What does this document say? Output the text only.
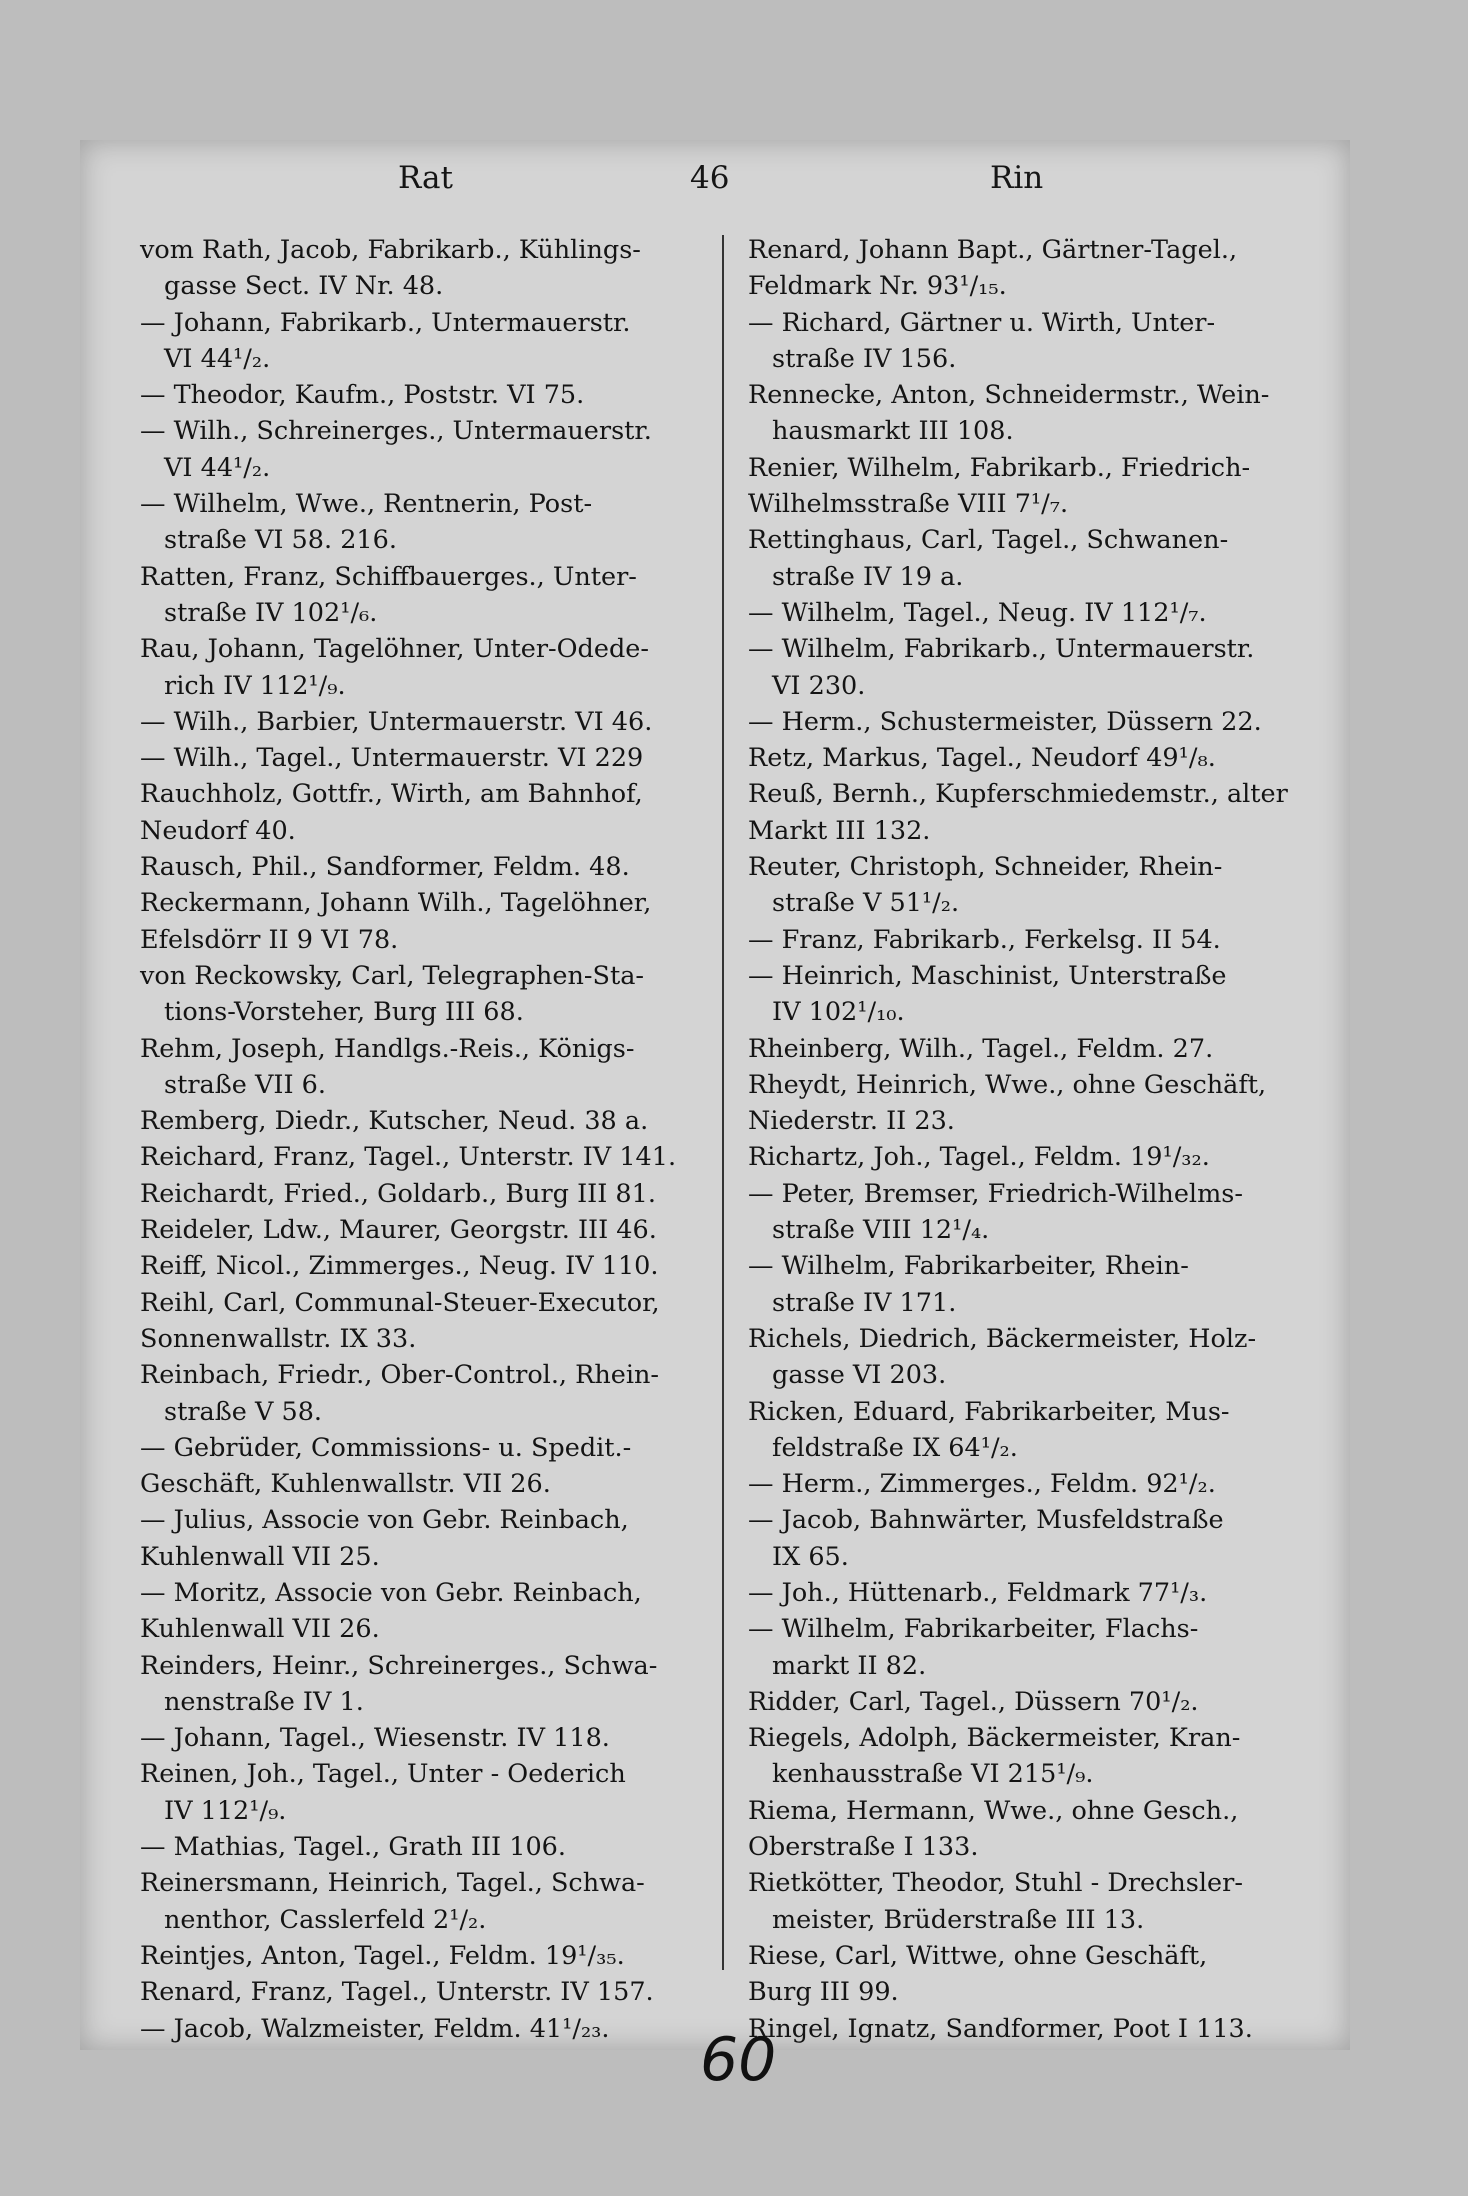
Rat	46	Rin
vom Rath, Jacob, Fabrikarb., Kühlings-
gasse Sect. IV Nr. 48.
— Johann, Fabrikarb., Untermauerstr.
VI 44¹/₂.
— Theodor, Kaufm., Poststr. VI 75.
— Wilh., Schreinerges., Untermauerstr.
VI 44¹/₂.
— Wilhelm, Wwe., Rentnerin, Post-
straße VI 58. 216.
Ratten, Franz, Schiffbauerges., Unter-
straße IV 102¹/₆.
Rau, Johann, Tagelöhner, Unter-Odede-
rich IV 112¹/₉.
— Wilh., Barbier, Untermauerstr. VI 46.
— Wilh., Tagel., Untermauerstr. VI 229
Rauchholz, Gottfr., Wirth, am Bahnhof,
Neudorf 40.
Rausch, Phil., Sandformer, Feldm. 48.
Reckermann, Johann Wilh., Tagelöhner,
Efelsdörr II 9 VI 78.
von Reckowsky, Carl, Telegraphen-Sta-
tions-Vorsteher, Burg III 68.
Rehm, Joseph, Handlgs.-Reis., Königs-
straße VII 6.
Remberg, Diedr., Kutscher, Neud. 38 a.
Reichard, Franz, Tagel., Unterstr. IV 141.
Reichardt, Fried., Goldarb., Burg III 81.
Reideler, Ldw., Maurer, Georgstr. III 46.
Reiff, Nicol., Zimmerges., Neug. IV 110.
Reihl, Carl, Communal-Steuer-Executor,
Sonnenwallstr. IX 33.
Reinbach, Friedr., Ober-Control., Rhein-
straße V 58.
— Gebrüder, Commissions- u. Spedit.-
Geschäft, Kuhlenwallstr. VII 26.
— Julius, Associe von Gebr. Reinbach,
Kuhlenwall VII 25.
— Moritz, Associe von Gebr. Reinbach,
Kuhlenwall VII 26.
Reinders, Heinr., Schreinerges., Schwa-
nenstraße IV 1.
— Johann, Tagel., Wiesenstr. IV 118.
Reinen, Joh., Tagel., Unter - Oederich
IV 112¹/₉.
— Mathias, Tagel., Grath III 106.
Reinersmann, Heinrich, Tagel., Schwa-
nenthor, Casslerfeld 2¹/₂.
Reintjes, Anton, Tagel., Feldm. 19¹/₃₅.
Renard, Franz, Tagel., Unterstr. IV 157.
— Jacob, Walzmeister, Feldm. 41¹/₂₃.
Renard, Johann Bapt., Gärtner-Tagel.,
Feldmark Nr. 93¹/₁₅.
— Richard, Gärtner u. Wirth, Unter-
straße IV 156.
Rennecke, Anton, Schneidermstr., Wein-
hausmarkt III 108.
Renier, Wilhelm, Fabrikarb., Friedrich-
Wilhelmsstraße VIII 7¹/₇.
Rettinghaus, Carl, Tagel., Schwanen-
straße IV 19 a.
— Wilhelm, Tagel., Neug. IV 112¹/₇.
— Wilhelm, Fabrikarb., Untermauerstr.
VI 230.
— Herm., Schustermeister, Düssern 22.
Retz, Markus, Tagel., Neudorf 49¹/₈.
Reuß, Bernh., Kupferschmiedemstr., alter
Markt III 132.
Reuter, Christoph, Schneider, Rhein-
straße V 51¹/₂.
— Franz, Fabrikarb., Ferkelsg. II 54.
— Heinrich, Maschinist, Unterstraße
IV 102¹/₁₀.
Rheinberg, Wilh., Tagel., Feldm. 27.
Rheydt, Heinrich, Wwe., ohne Geschäft,
Niederstr. II 23.
Richartz, Joh., Tagel., Feldm. 19¹/₃₂.
— Peter, Bremser, Friedrich-Wilhelms-
straße VIII 12¹/₄.
— Wilhelm, Fabrikarbeiter, Rhein-
straße IV 171.
Richels, Diedrich, Bäckermeister, Holz-
gasse VI 203.
Ricken, Eduard, Fabrikarbeiter, Mus-
feldstraße IX 64¹/₂.
— Herm., Zimmerges., Feldm. 92¹/₂.
— Jacob, Bahnwärter, Musfeldstraße
IX 65.
— Joh., Hüttenarb., Feldmark 77¹/₃.
— Wilhelm, Fabrikarbeiter, Flachs-
markt II 82.
Ridder, Carl, Tagel., Düssern 70¹/₂.
Riegels, Adolph, Bäckermeister, Kran-
kenhausstraße VI 215¹/₉.
Riema, Hermann, Wwe., ohne Gesch.,
Oberstraße I 133.
Rietkötter, Theodor, Stuhl - Drechsler-
meister, Brüderstraße III 13.
Riese, Carl, Wittwe, ohne Geschäft,
Burg III 99.
Ringel, Ignatz, Sandformer, Poot I 113.
60
